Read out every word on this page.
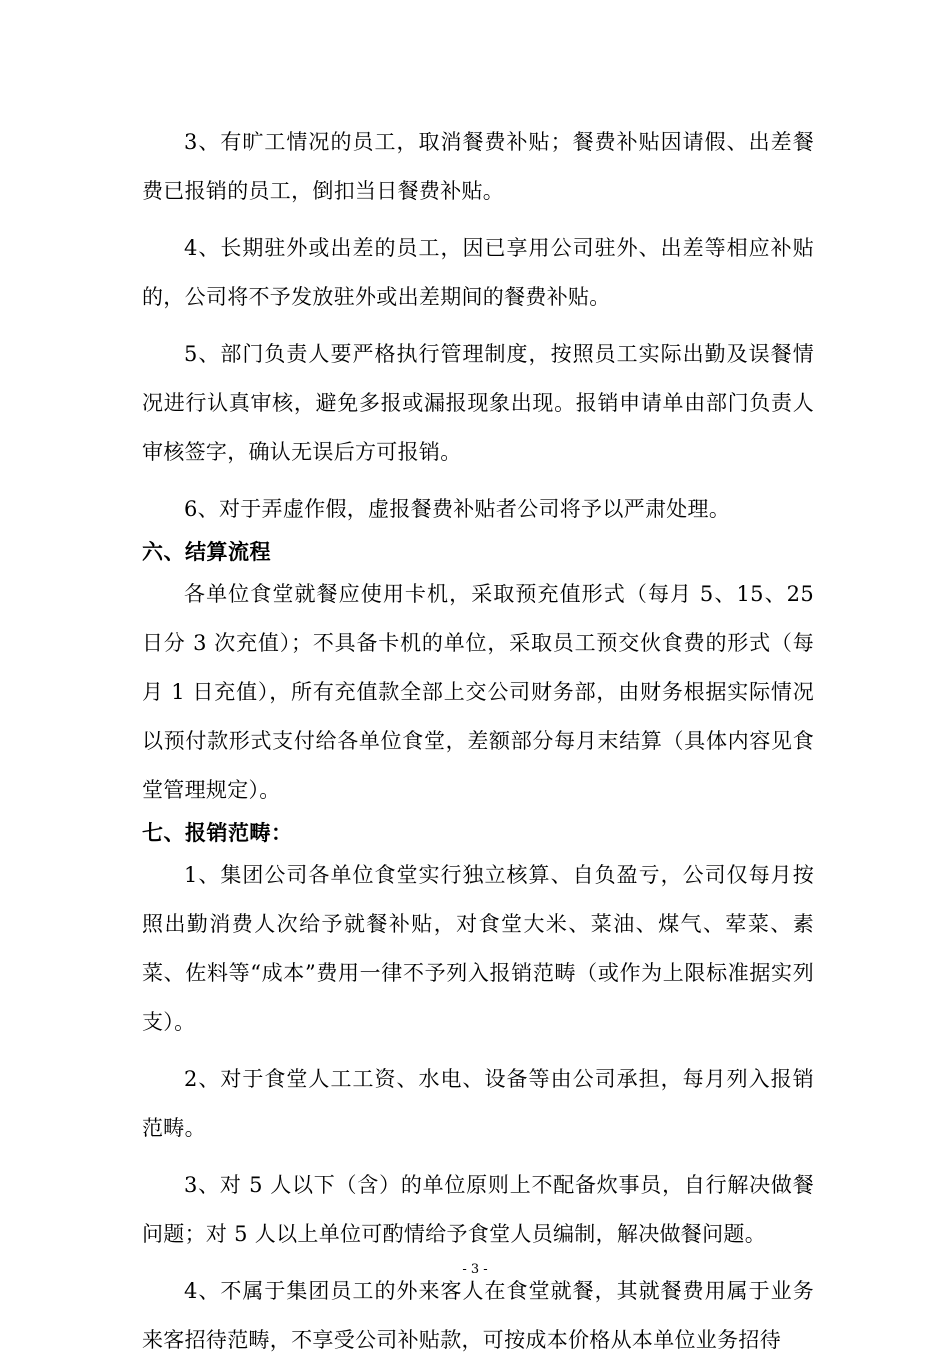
3、有旷工情况的员工，取消餐费补贴；餐费补贴因请假、出差餐费已报销的员工，倒扣当日餐费补贴。

4、长期驻外或出差的员工，因已享用公司驻外、出差等相应补贴的，公司将不予发放驻外或出差期间的餐费补贴。

5、部门负责人要严格执行管理制度，按照员工实际出勤及误餐情况进行认真审核，避免多报或漏报现象出现。报销申请单由部门负责人审核签字，确认无误后方可报销。

6、对于弄虚作假，虚报餐费补贴者公司将予以严肃处理。

六、结算流程

各单位食堂就餐应使用卡机，采取预充值形式（每月 5、15、25 日分 3 次充值）；不具备卡机的单位，采取员工预交伙食费的形式（每月 1 日充值），所有充值款全部上交公司财务部，由财务根据实际情况以预付款形式支付给各单位食堂，差额部分每月末结算（具体内容见食堂管理规定）。

七、报销范畴：

1、集团公司各单位食堂实行独立核算、自负盈亏，公司仅每月按照出勤消费人次给予就餐补贴，对食堂大米、菜油、煤气、荤菜、素菜、佐料等“成本”费用一律不予列入报销范畴（或作为上限标准据实列支）。

2、对于食堂人工工资、水电、设备等由公司承担，每月列入报销范畴。

3、对 5 人以下（含）的单位原则上不配备炊事员，自行解决做餐问题；对 5 人以上单位可酌情给予食堂人员编制，解决做餐问题。

4、不属于集团员工的外来客人在食堂就餐，其就餐费用属于业务来客招待范畴，不享受公司补贴款，可按成本价格从本单位业务招待

- 3 -
